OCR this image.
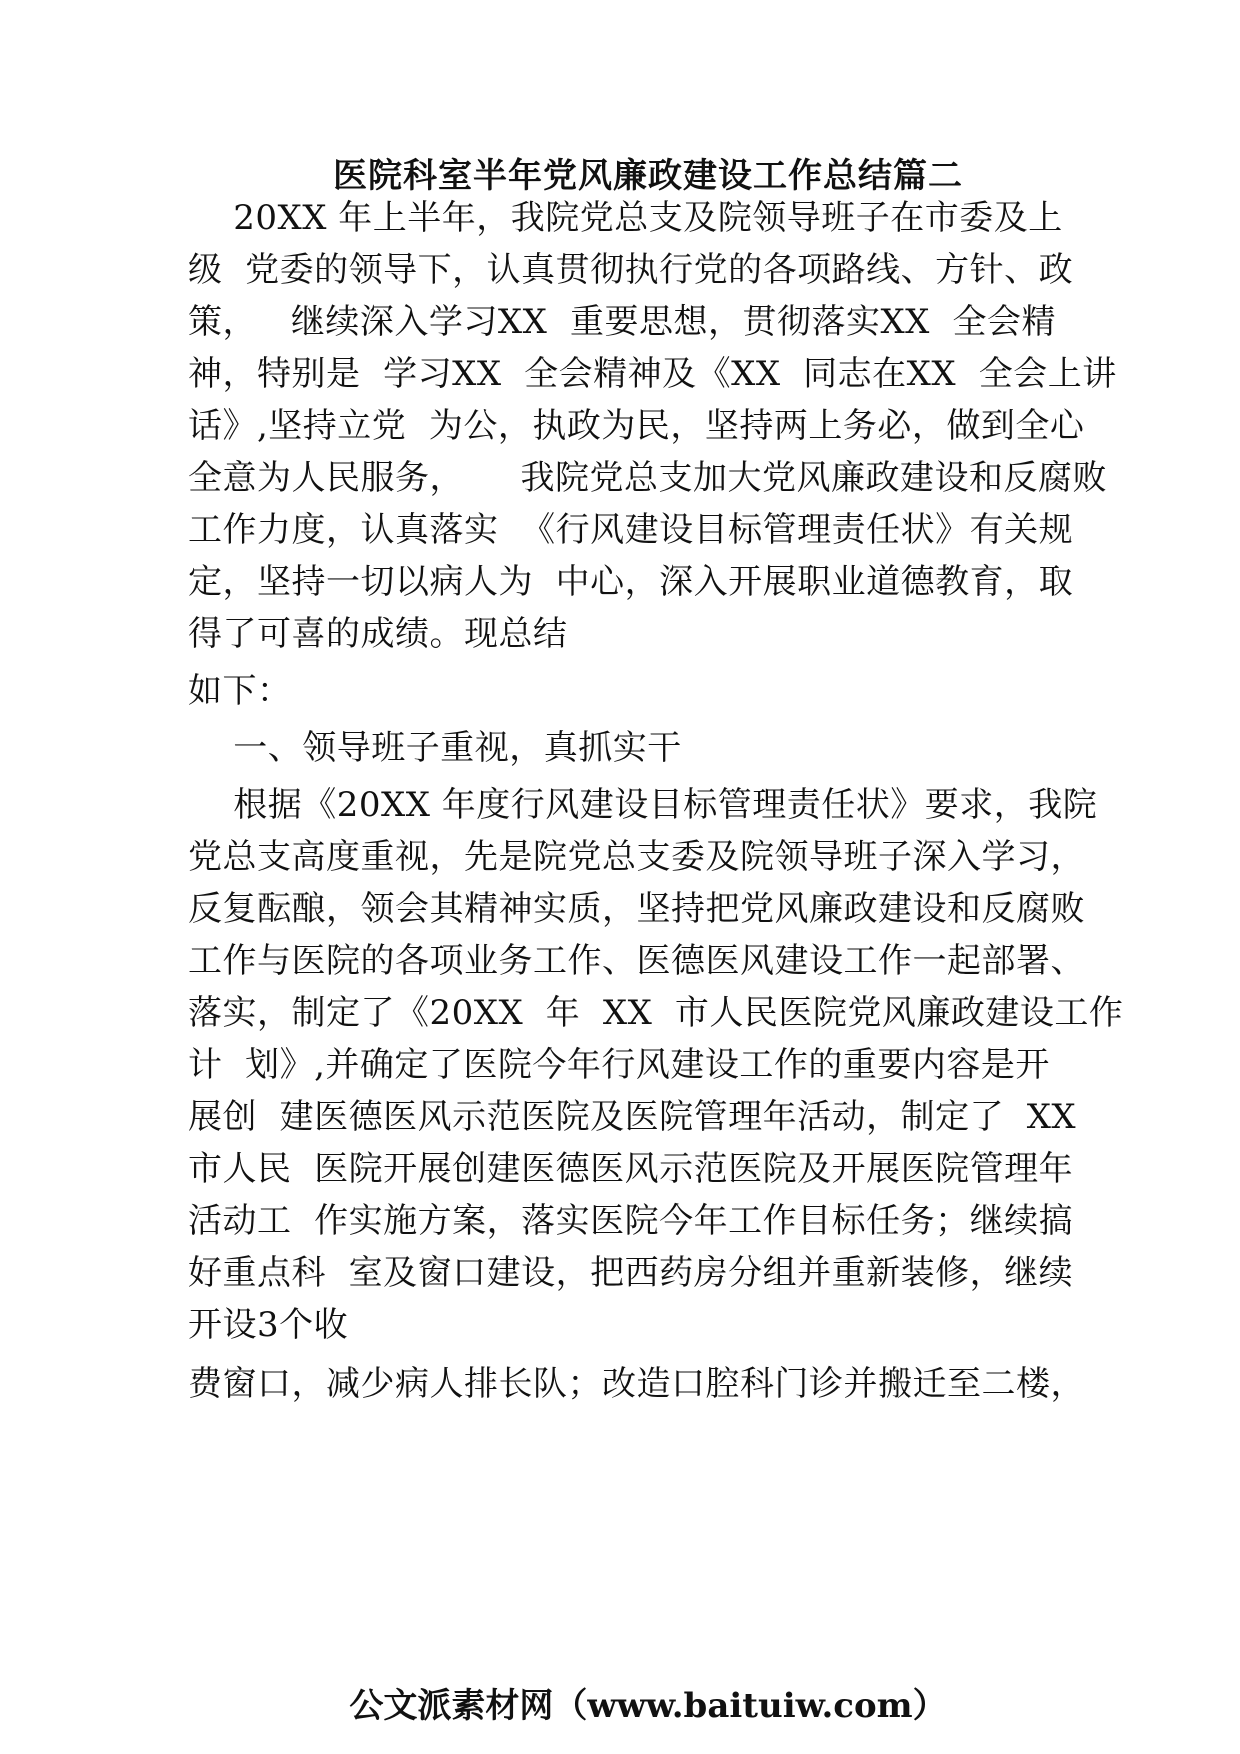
医院科室半年党风廉政建设工作总结篇二
20XX 年上半年，我院党总支及院领导班子在市委及上
级  党委的领导下，认真贯彻执行党的各项路线、方针、政
策，   继续深入学习XX  重要思想，贯彻落实XX  全会精
神，特别是  学习XX  全会精神及《XX  同志在XX  全会上讲
话》,坚持立党  为公，执政为民，坚持两上务必，做到全心
全意为人民服务，     我院党总支加大党风廉政建设和反腐败
工作力度，认真落实  《行风建设目标管理责任状》有关规
定，坚持一切以病人为  中心，深入开展职业道德教育，取
得了可喜的成绩。现总结
如下：
一、领导班子重视，真抓实干
根据《20XX 年度行风建设目标管理责任状》要求，我院
党总支高度重视，先是院党总支委及院领导班子深入学习，
反复酝酿，领会其精神实质，坚持把党风廉政建设和反腐败
工作与医院的各项业务工作、医德医风建设工作一起部署、
落实，制定了《20XX  年  XX  市人民医院党风廉政建设工作
计  划》,并确定了医院今年行风建设工作的重要内容是开
展创  建医德医风示范医院及医院管理年活动，制定了  XX
市人民  医院开展创建医德医风示范医院及开展医院管理年
活动工  作实施方案，落实医院今年工作目标任务；继续搞
好重点科  室及窗口建设，把西药房分组并重新装修，继续
开设3个收
费窗口，减少病人排长队；改造口腔科门诊并搬迁至二楼，
公文派素材网（www.baituiw.com）
